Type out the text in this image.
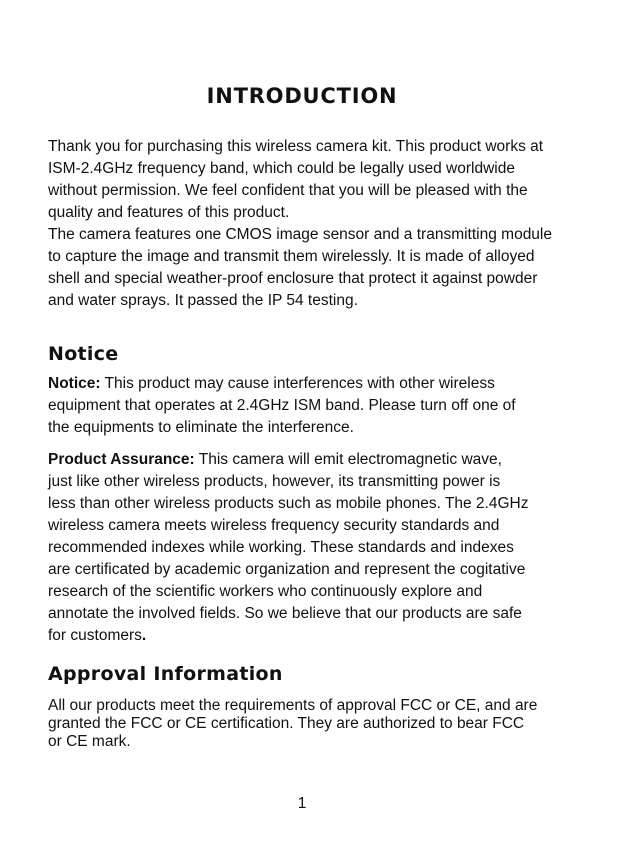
INTRODUCTION

Thank you for purchasing this wireless camera kit. This product works at
ISM-2.4GHz frequency band, which could be legally used worldwide
without permission. We feel confident that you will be pleased with the
quality and features of this product.
The camera features one CMOS image sensor and a transmitting module
to capture the image and transmit them wirelessly. It is made of alloyed
shell and special weather-proof enclosure that protect it against powder
and water sprays. It passed the IP 54 testing.

Notice

Notice: This product may cause interferences with other wireless
equipment that operates at 2.4GHz ISM band. Please turn off one of
the equipments to eliminate the interference.

Product Assurance: This camera will emit electromagnetic wave,
just like other wireless products, however, its transmitting power is
less than other wireless products such as mobile phones. The 2.4GHz
wireless camera meets wireless frequency security standards and
recommended indexes while working. These standards and indexes
are certificated by academic organization and represent the cogitative
research of the scientific workers who continuously explore and
annotate the involved fields. So we believe that our products are safe
for customers.

Approval Information

All our products meet the requirements of approval FCC or CE, and are
granted the FCC or CE certification. They are authorized to bear FCC
or CE mark.

1
